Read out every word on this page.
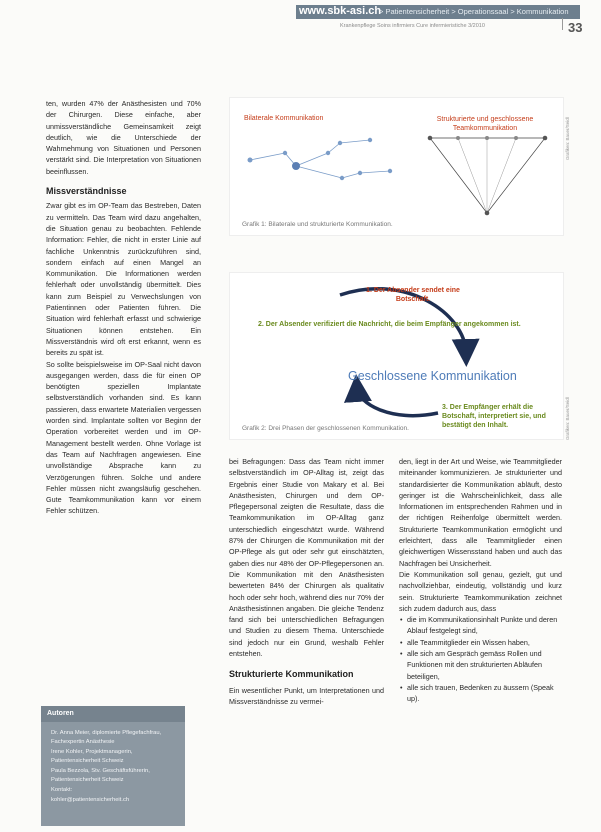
www.sbk-asi.ch
> Patientensicherheit > Operationssaal > Kommunikation
Krankenpflege Soins infirmiers Cure infermieristiche 3/2010	33

ten, wurden 47% der Anästhesisten und 70% der Chirurgen. Diese einfache, aber unmissverständliche Gemeinsamkeit zeigt deutlich, wie die Unterschiede der Wahrnehmung von Situationen und Personen verstärkt sind. Die Interpretation von Situationen beeinflussen.

Missverständnisse

Zwar gibt es im OP-Team das Bestreben, Daten zu vermitteln. Das Team wird dazu angehalten, die Situation genau zu beobachten. Fehlende Information: Fehler, die nicht in erster Linie auf fachliche Unkenntnis zurückzuführen sind, sondern einfach auf einen Mangel an Kommunikation. Die Informationen werden fehlerhaft oder unvollständig übermittelt. Dies kann zum Beispiel zu Verwechslungen von Patientinnen oder Patienten führen. Die Situation wird fehlerhaft erfasst und schwierige Situationen können entstehen. Ein Missverständnis wird oft erst erkannt, wenn es bereits zu spät ist.

So sollte beispielsweise im OP-Saal nicht davon ausgegangen werden, dass die für einen OP benötigten speziellen Implantate selbstverständlich vorhanden sind. Es kann passieren, dass erwartete Materialien vergessen worden sind. Implantate sollten vor Beginn der Operation vorbereitet werden und im OP-Management bestellt werden. Ohne Vorlage ist das Team auf Nachfragen angewiesen. Eine unvollständige Absprache kann zu Verzögerungen führen. Solche und andere Fehler müssen nicht zwangsläufig geschehen. Gute Teamkommunikation kann vor einem Fehler schützen.

Bilaterale Kommunikation	Strukturierte und geschlossene Teamkommunikation
Grafik 1: Bilaterale und strukturierte Kommunikation.
Grafiken: Bauer/Seidl
1. Der Absender sendet eine Botschaft.
2. Der Absender verifiziert die Nachricht, die beim Empfänger angekommen ist.
Geschlossene Kommunikation
3. Der Empfänger erhält die Botschaft, interpretiert sie, und bestätigt den Inhalt.
Grafik 2: Drei Phasen der geschlossenen Kommunikation.	Grafiken: Bauer/Seidl

bei Befragungen: Dass das Team nicht immer selbstverständlich im OP-Alltag ist, zeigt das Ergebnis einer Studie von Makary et al. Bei Anästhesisten, Chirurgen und dem OP-Pflegepersonal zeigten die Resultate, dass die Teamkommunikation im OP-Alltag ganz unterschiedlich eingeschätzt wurde. Während 87% der Chirurgen die Kommunikation mit der OP-Pflege als gut oder sehr gut einschätzten, gaben dies nur 48% der OP-Pflegepersonen an. Die Kommunikation mit den Anästhesisten bewerteten 84% der Chirurgen als qualitativ hoch oder sehr hoch, während dies nur 70% der Anästhesistinnen angaben. Die gleiche Tendenz fand sich bei unterschiedlichen Befragungen und Studien zu diesem Thema. Unterschiede sind jedoch nur ein Grund, weshalb Fehler entstehen.

Strukturierte Kommunikation

Ein wesentlicher Punkt, um Interpretationen und Missverständnisse zu vermei-

den, liegt in der Art und Weise, wie Teammitglieder miteinander kommunizieren. Je strukturierter und standardisierter die Kommunikation abläuft, desto geringer ist die Wahrscheinlichkeit, dass alle Informationen im entsprechenden Rahmen und in der richtigen Reihenfolge übermittelt werden. Strukturierte Teamkommunikation ermöglicht und erleichtert, dass alle Teammitglieder einen gleichwertigen Wissensstand haben und auch das Nachfragen bei Unsicherheit.

Die Kommunikation soll genau, gezielt, gut und nachvollziehbar, eindeutig, vollständig und kurz sein. Strukturierte Teamkommunikation zeichnet sich zudem dadurch aus, dass

• die im Kommunikationsinhalt Punkte und deren Ablauf festgelegt sind,
• alle Teammitglieder ein Wissen haben,
• alle sich am Gespräch gemäss Rollen und Funktionen mit den strukturierten Abläufen beteiligen,
• alle sich trauen, Bedenken zu äussern (Speak up).
Autoren
Dr. Anna Meier, diplomierte Pflegefachfrau, Fachexpertin Anästhesie
Irene Kohler, Projektmanagerin, Patientensicherheit Schweiz
Paula Bezzola, Stv. Geschäftsführerin, Patientensicherheit Schweiz
Kontakt:
kohler@patientensicherheit.ch
